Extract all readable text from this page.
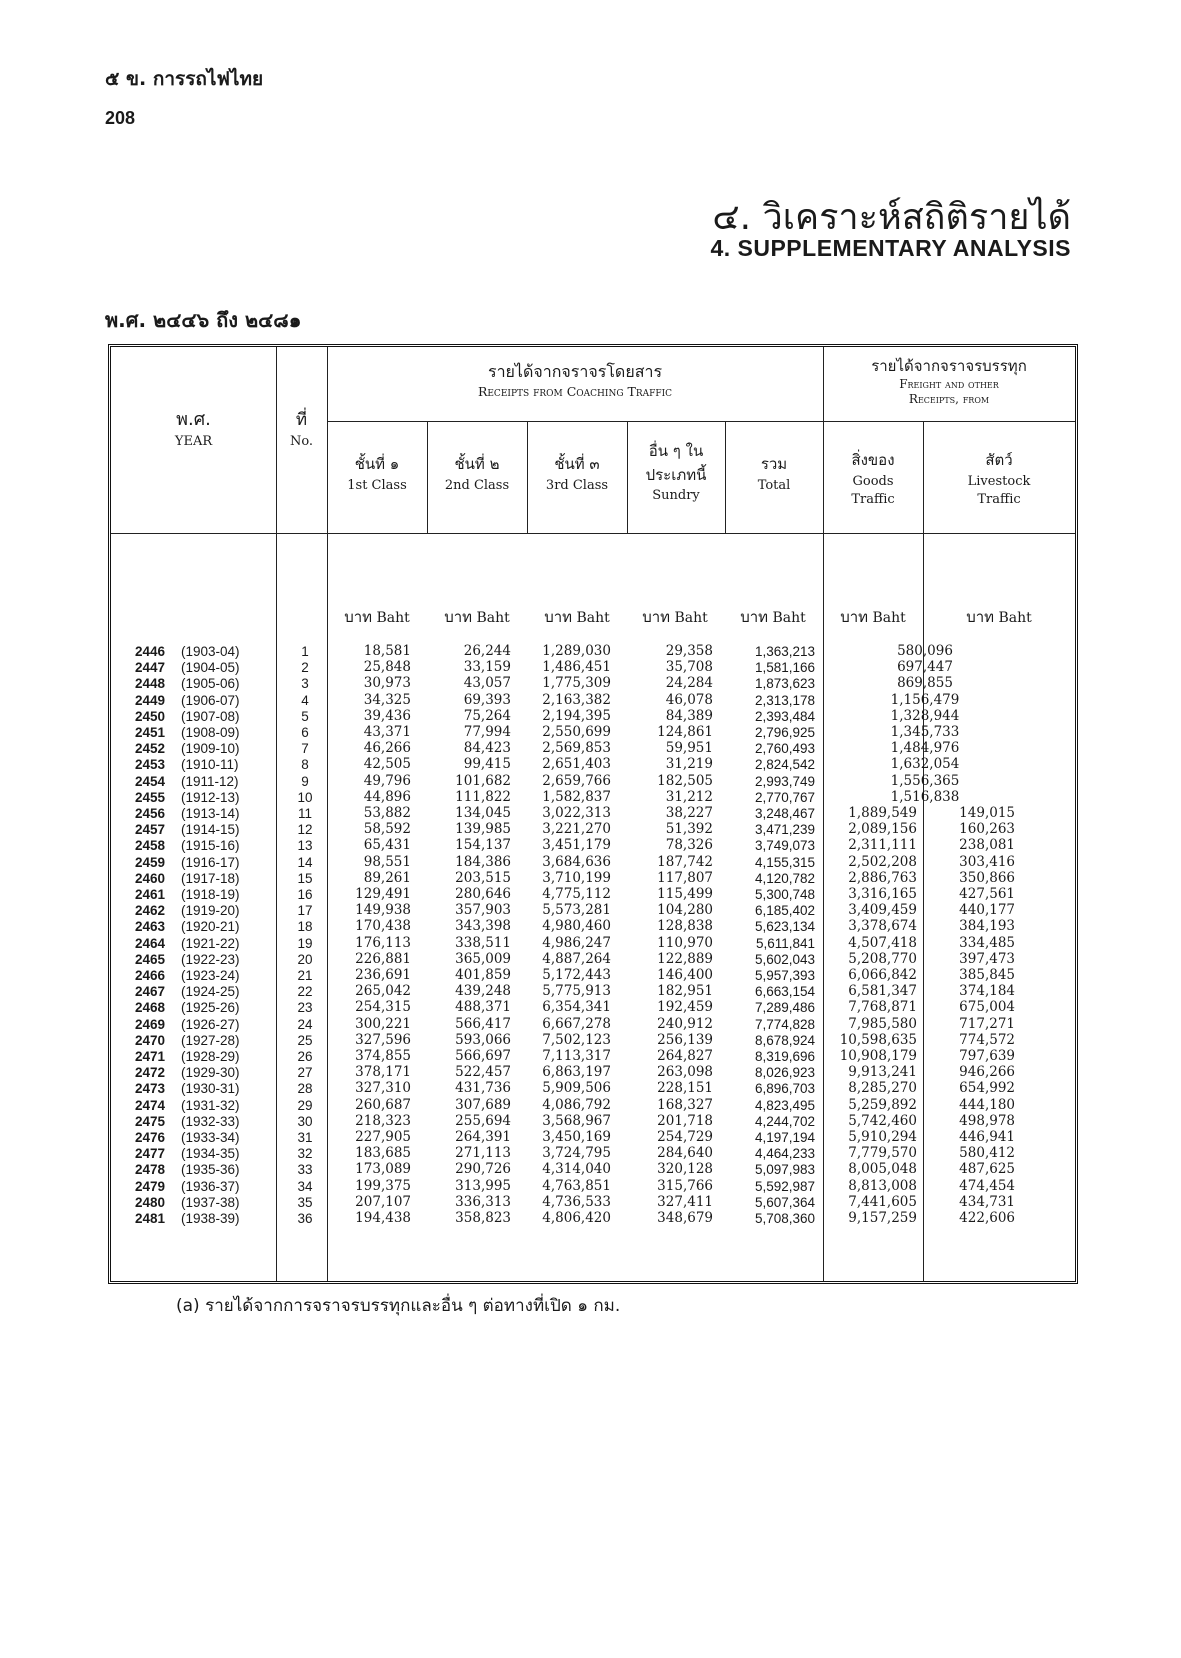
๕ ข. การรถไฟไทย
208
๔. วิเคราะห์สถิติรายได้
4. SUPPLEMENTARY ANALYSIS
พ.ศ. ๒๔๔๖ ถึง ๒๔๘๑
พ.ศ.
YEAR
ที่
No.
รายได้จากจราจรโดยสาร
Receipts from Coaching Traffic
รายได้จากจราจรบรรทุก
Freight and other
Receipts, from
ชั้นที่ ๑
1st Class
ชั้นที่ ๒
2nd Class
ชั้นที่ ๓
3rd Class
อื่น ๆ ใน ประเภทนี้
Sundry
รวม
Total
สิ่งของ
Goods Traffic
สัตว์
Livestock Traffic
บาท Baht	บาท Baht	บาท Baht	บาท Baht	บาท Baht	บาท Baht	บาท Baht
2446 (1903-04)	1	18,581	26,244	1,289,030	29,358	1,363,213	580,096
2447 (1904-05)	2	25,848	33,159	1,486,451	35,708	1,581,166	697,447
2448 (1905-06)	3	30,973	43,057	1,775,309	24,284	1,873,623	869,855
2449 (1906-07)	4	34,325	69,393	2,163,382	46,078	2,313,178	1,156,479
2450 (1907-08)	5	39,436	75,264	2,194,395	84,389	2,393,484	1,328,944
2451 (1908-09)	6	43,371	77,994	2,550,699	124,861	2,796,925	1,345,733
2452 (1909-10)	7	46,266	84,423	2,569,853	59,951	2,760,493	1,484,976
2453 (1910-11)	8	42,505	99,415	2,651,403	31,219	2,824,542	1,632,054
2454 (1911-12)	9	49,796	101,682	2,659,766	182,505	2,993,749	1,556,365
2455 (1912-13)	10	44,896	111,822	1,582,837	31,212	2,770,767	1,516,838
2456 (1913-14)	11	53,882	134,045	3,022,313	38,227	3,248,467	1,889,549	149,015
2457 (1914-15)	12	58,592	139,985	3,221,270	51,392	3,471,239	2,089,156	160,263
2458 (1915-16)	13	65,431	154,137	3,451,179	78,326	3,749,073	2,311,111	238,081
2459 (1916-17)	14	98,551	184,386	3,684,636	187,742	4,155,315	2,502,208	303,416
2460 (1917-18)	15	89,261	203,515	3,710,199	117,807	4,120,782	2,886,763	350,866
2461 (1918-19)	16	129,491	280,646	4,775,112	115,499	5,300,748	3,316,165	427,561
2462 (1919-20)	17	149,938	357,903	5,573,281	104,280	6,185,402	3,409,459	440,177
2463 (1920-21)	18	170,438	343,398	4,980,460	128,838	5,623,134	3,378,674	384,193
2464 (1921-22)	19	176,113	338,511	4,986,247	110,970	5,611,841	4,507,418	334,485
2465 (1922-23)	20	226,881	365,009	4,887,264	122,889	5,602,043	5,208,770	397,473
2466 (1923-24)	21	236,691	401,859	5,172,443	146,400	5,957,393	6,066,842	385,845
2467 (1924-25)	22	265,042	439,248	5,775,913	182,951	6,663,154	6,581,347	374,184
2468 (1925-26)	23	254,315	488,371	6,354,341	192,459	7,289,486	7,768,871	675,004
2469 (1926-27)	24	300,221	566,417	6,667,278	240,912	7,774,828	7,985,580	717,271
2470 (1927-28)	25	327,596	593,066	7,502,123	256,139	8,678,924	10,598,635	774,572
2471 (1928-29)	26	374,855	566,697	7,113,317	264,827	8,319,696	10,908,179	797,639
2472 (1929-30)	27	378,171	522,457	6,863,197	263,098	8,026,923	9,913,241	946,266
2473 (1930-31)	28	327,310	431,736	5,909,506	228,151	6,896,703	8,285,270	654,992
2474 (1931-32)	29	260,687	307,689	4,086,792	168,327	4,823,495	5,259,892	444,180
2475 (1932-33)	30	218,323	255,694	3,568,967	201,718	4,244,702	5,742,460	498,978
2476 (1933-34)	31	227,905	264,391	3,450,169	254,729	4,197,194	5,910,294	446,941
2477 (1934-35)	32	183,685	271,113	3,724,795	284,640	4,464,233	7,779,570	580,412
2478 (1935-36)	33	173,089	290,726	4,314,040	320,128	5,097,983	8,005,048	487,625
2479 (1936-37)	34	199,375	313,995	4,763,851	315,766	5,592,987	8,813,008	474,454
2480 (1937-38)	35	207,107	336,313	4,736,533	327,411	5,607,364	7,441,605	434,731
2481 (1938-39)	36	194,438	358,823	4,806,420	348,679	5,708,360	9,157,259	422,606
(a) รายได้จากการจราจรบรรทุกและอื่น ๆ ต่อทางที่เปิด ๑ กม.
